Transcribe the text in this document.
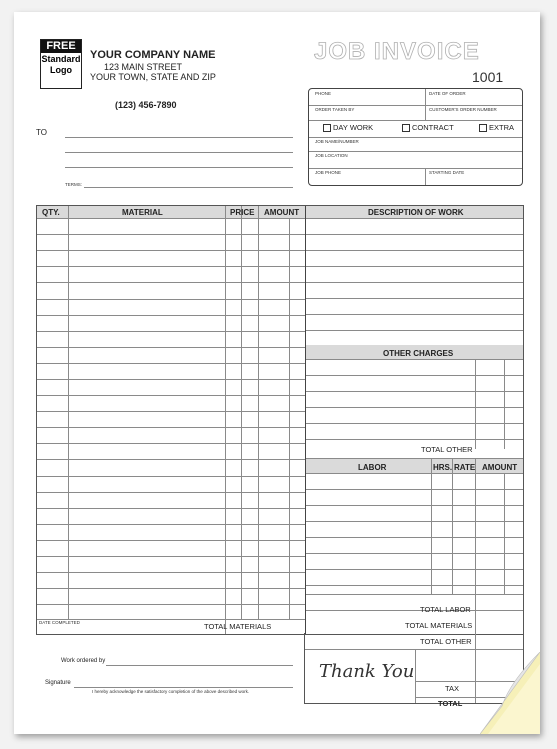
FREE
Standard
Logo
YOUR COMPANY NAME
123 MAIN STREET
YOUR TOWN, STATE AND ZIP
(123) 456-7890
JOB INVOICE
1001
PHONE	DATE OF ORDER
ORDER TAKEN BY	CUSTOMER'S ORDER NUMBER
DAY WORK	CONTRACT	EXTRA
JOB NAME/NUMBER
JOB LOCATION
JOB PHONE	STARTING DATE
TO
TERMS:
QTY.	MATERIAL	PRICE AMOUNT	DESCRIPTION OF WORK
OTHER CHARGES
TOTAL OTHER
LABOR	HRS. RATE AMOUNT
TOTAL LABOR
TOTAL MATERIALS
DATE COMPLETED	TOTAL MATERIALS
TOTAL OTHER
Thank You
TAX
TOTAL
Work ordered by
Signature
I hereby acknowledge the satisfactory completion of the above described work.
